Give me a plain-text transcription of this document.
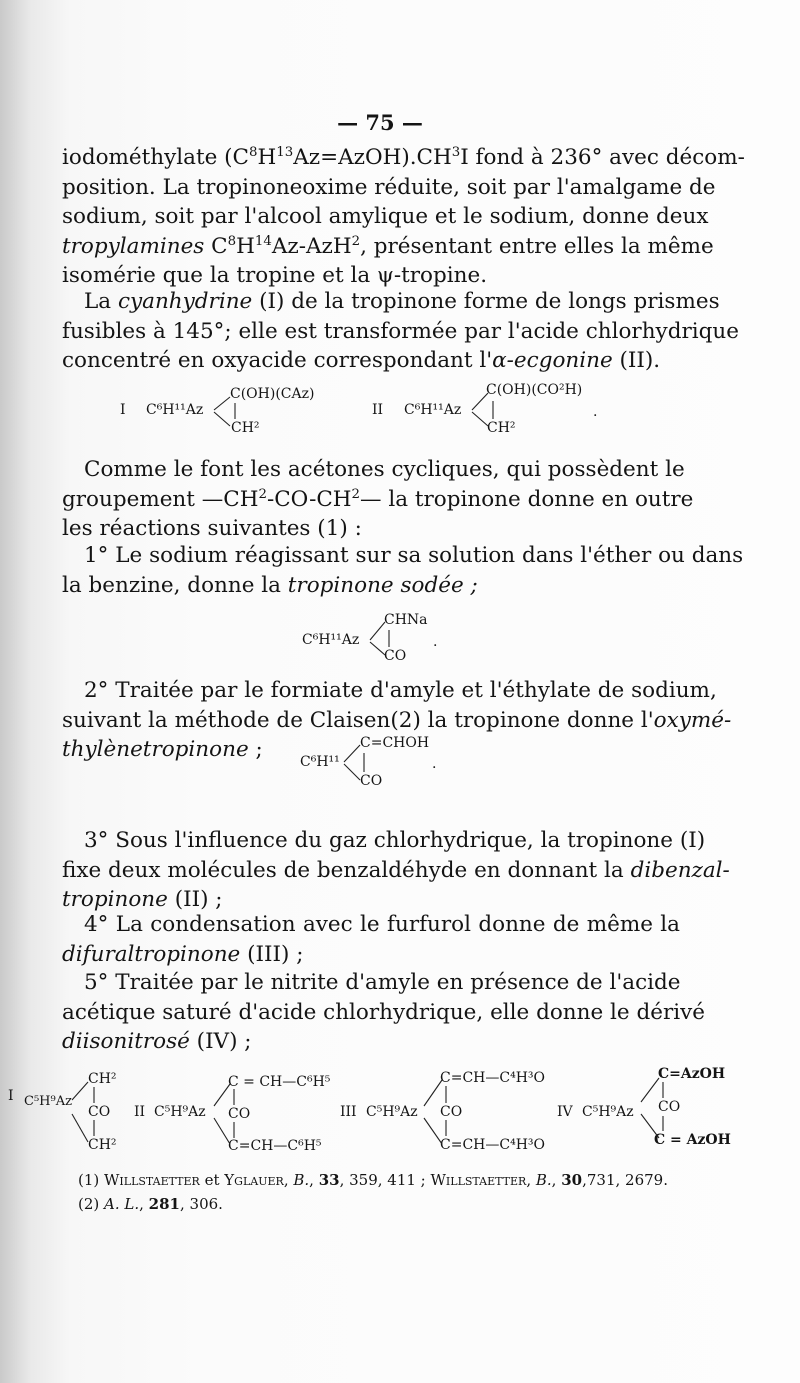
— 75 —
iodométhylate $(C^8H^{13}Az=AzOH).CH^3I$ fond à 236° avec décom-
position. La tropinoneoxime réduite, soit par l'amalgame de
sodium, soit par l'alcool amylique et le sodium, donne deux
tropylamines $C^8H^{14}Az-AzH^2$, présentant entre elles la même
isomérie que la tropine et la ψ-tropine.
La cyanhydrine (I) de la tropinone forme de longs prismes
fusibles à 145°; elle est transformée par l'acide chlorhydrique
concentré en oxyacide correspondant l'α-ecgonine (II).
I C⁶H¹¹Az
C(OH)(CAz)
CH²
II C⁶H¹¹Az
C(OH)(CO²H)
CH²
.
Comme le font les acétones cycliques, qui possèdent le
groupement $—CH^2-CO-CH^2—$ la tropinone donne en outre
les réactions suivantes (1) :
1° Le sodium réagissant sur sa solution dans l'éther ou dans
la benzine, donne la tropinone sodée ;
C⁶H¹¹Az
CHNa
CO
.
2° Traitée par le formiate d'amyle et l'éthylate de sodium,
suivant la méthode de Claisen(2) la tropinone donne l'oxymé-
thylènetropinone ;	C⁶H¹¹
C=CHOH
CO
.
3° Sous l'influence du gaz chlorhydrique, la tropinone (I)
fixe deux molécules de benzaldéhyde en donnant la dibenzal-
tropinone (II) ;
4° La condensation avec le furfurol donne de même la
difuraltropinone (III) ;
5° Traitée par le nitrite d'amyle en présence de l'acide
acétique saturé d'acide chlorhydrique, elle donne le dérivé
diisonitrosé (IV) ;
I C⁵H⁹Az
CH²
CO
CH²
II C⁵H⁹Az
C = CH—C⁶H⁵
CO
C=CH—C⁶H⁵
III C⁵H⁹Az
C=CH—C⁴H³O
CO
C=CH—C⁴H³O
IV C⁵H⁹Az
C=AzOH
CO
C = AzOH
(1) Willstaetter et Yglauer, B., 33, 359, 411 ; Willstaetter, B., 30,731, 2679.
(2) A. L., 281, 306.
